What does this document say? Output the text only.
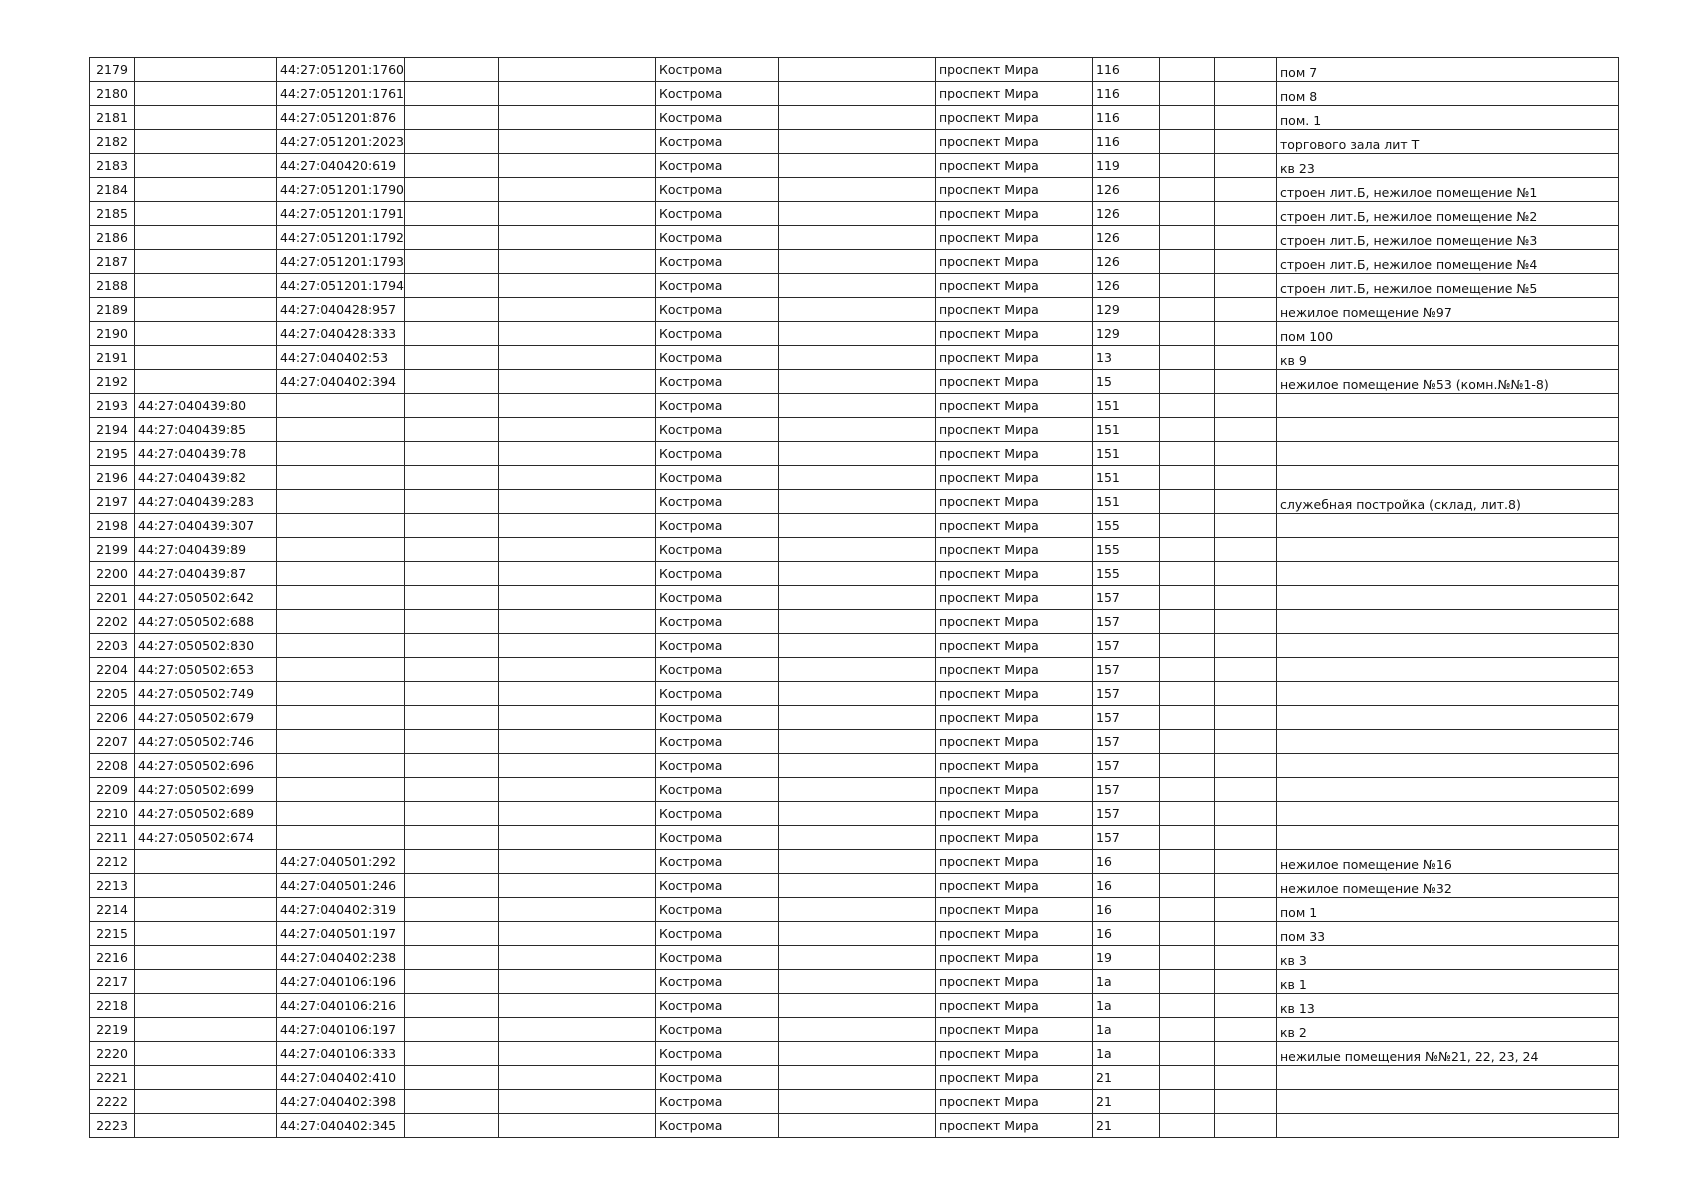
2179		44:27:051201:1760			Кострома		проспект Мира	116			пом 7
2180		44:27:051201:1761			Кострома		проспект Мира	116			пом 8
2181		44:27:051201:876			Кострома		проспект Мира	116			пом. 1
2182		44:27:051201:2023			Кострома		проспект Мира	116			торгового зала лит Т
2183		44:27:040420:619			Кострома		проспект Мира	119			кв 23
2184		44:27:051201:1790			Кострома		проспект Мира	126			строен лит.Б, нежилое помещение №1
2185		44:27:051201:1791			Кострома		проспект Мира	126			строен лит.Б, нежилое помещение №2
2186		44:27:051201:1792			Кострома		проспект Мира	126			строен лит.Б, нежилое помещение №3
2187		44:27:051201:1793			Кострома		проспект Мира	126			строен лит.Б, нежилое помещение №4
2188		44:27:051201:1794			Кострома		проспект Мира	126			строен лит.Б, нежилое помещение №5
2189		44:27:040428:957			Кострома		проспект Мира	129			нежилое помещение №97
2190		44:27:040428:333			Кострома		проспект Мира	129			пом 100
2191		44:27:040402:53			Кострома		проспект Мира	13			кв 9
2192		44:27:040402:394			Кострома		проспект Мира	15			нежилое помещение №53 (комн.№№1-8)
2193	44:27:040439:80				Кострома		проспект Мира	151			
2194	44:27:040439:85				Кострома		проспект Мира	151			
2195	44:27:040439:78				Кострома		проспект Мира	151			
2196	44:27:040439:82				Кострома		проспект Мира	151			
2197	44:27:040439:283				Кострома		проспект Мира	151			служебная постройка (склад, лит.8)
2198	44:27:040439:307				Кострома		проспект Мира	155			
2199	44:27:040439:89				Кострома		проспект Мира	155			
2200	44:27:040439:87				Кострома		проспект Мира	155			
2201	44:27:050502:642				Кострома		проспект Мира	157			
2202	44:27:050502:688				Кострома		проспект Мира	157			
2203	44:27:050502:830				Кострома		проспект Мира	157			
2204	44:27:050502:653				Кострома		проспект Мира	157			
2205	44:27:050502:749				Кострома		проспект Мира	157			
2206	44:27:050502:679				Кострома		проспект Мира	157			
2207	44:27:050502:746				Кострома		проспект Мира	157			
2208	44:27:050502:696				Кострома		проспект Мира	157			
2209	44:27:050502:699				Кострома		проспект Мира	157			
2210	44:27:050502:689				Кострома		проспект Мира	157			
2211	44:27:050502:674				Кострома		проспект Мира	157			
2212		44:27:040501:292			Кострома		проспект Мира	16			нежилое помещение №16
2213		44:27:040501:246			Кострома		проспект Мира	16			нежилое помещение №32
2214		44:27:040402:319			Кострома		проспект Мира	16			пом 1
2215		44:27:040501:197			Кострома		проспект Мира	16			пом 33
2216		44:27:040402:238			Кострома		проспект Мира	19			кв 3
2217		44:27:040106:196			Кострома		проспект Мира	1а			кв 1
2218		44:27:040106:216			Кострома		проспект Мира	1а			кв 13
2219		44:27:040106:197			Кострома		проспект Мира	1а			кв 2
2220		44:27:040106:333			Кострома		проспект Мира	1а			нежилые помещения №№21, 22, 23, 24
2221		44:27:040402:410			Кострома		проспект Мира	21			
2222		44:27:040402:398			Кострома		проспект Мира	21			
2223		44:27:040402:345			Кострома		проспект Мира	21			
